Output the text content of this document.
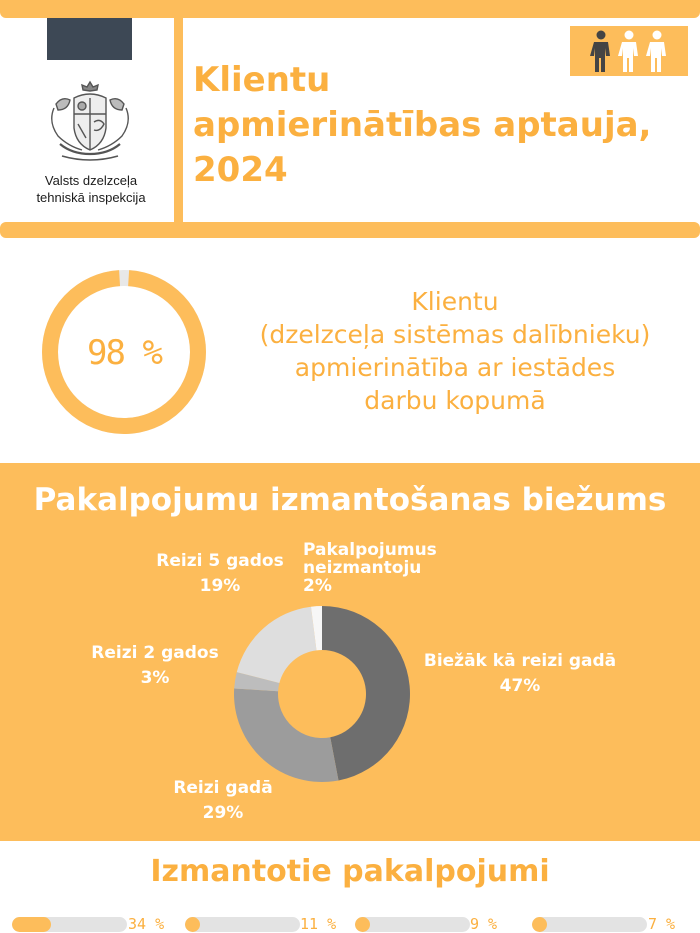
Valsts dzelzceļa
tehniskā inspekcija
Klientu
apmierinātības aptauja,
2024
98 %
Klientu
(dzelzceļa sistēmas dalībnieku)
apmierinātība ar iestādes
darbu kopumā
Pakalpojumu izmantošanas biežums
Biežāk kā reizi gadā
47%
Reizi gadā
29%
Reizi 2 gados
3%
Reizi 5 gados
19%
Pakalpojumus
neizmantoju
2%
Izmantotie pakalpojumi
34 %	11 %	9 %	7 %
